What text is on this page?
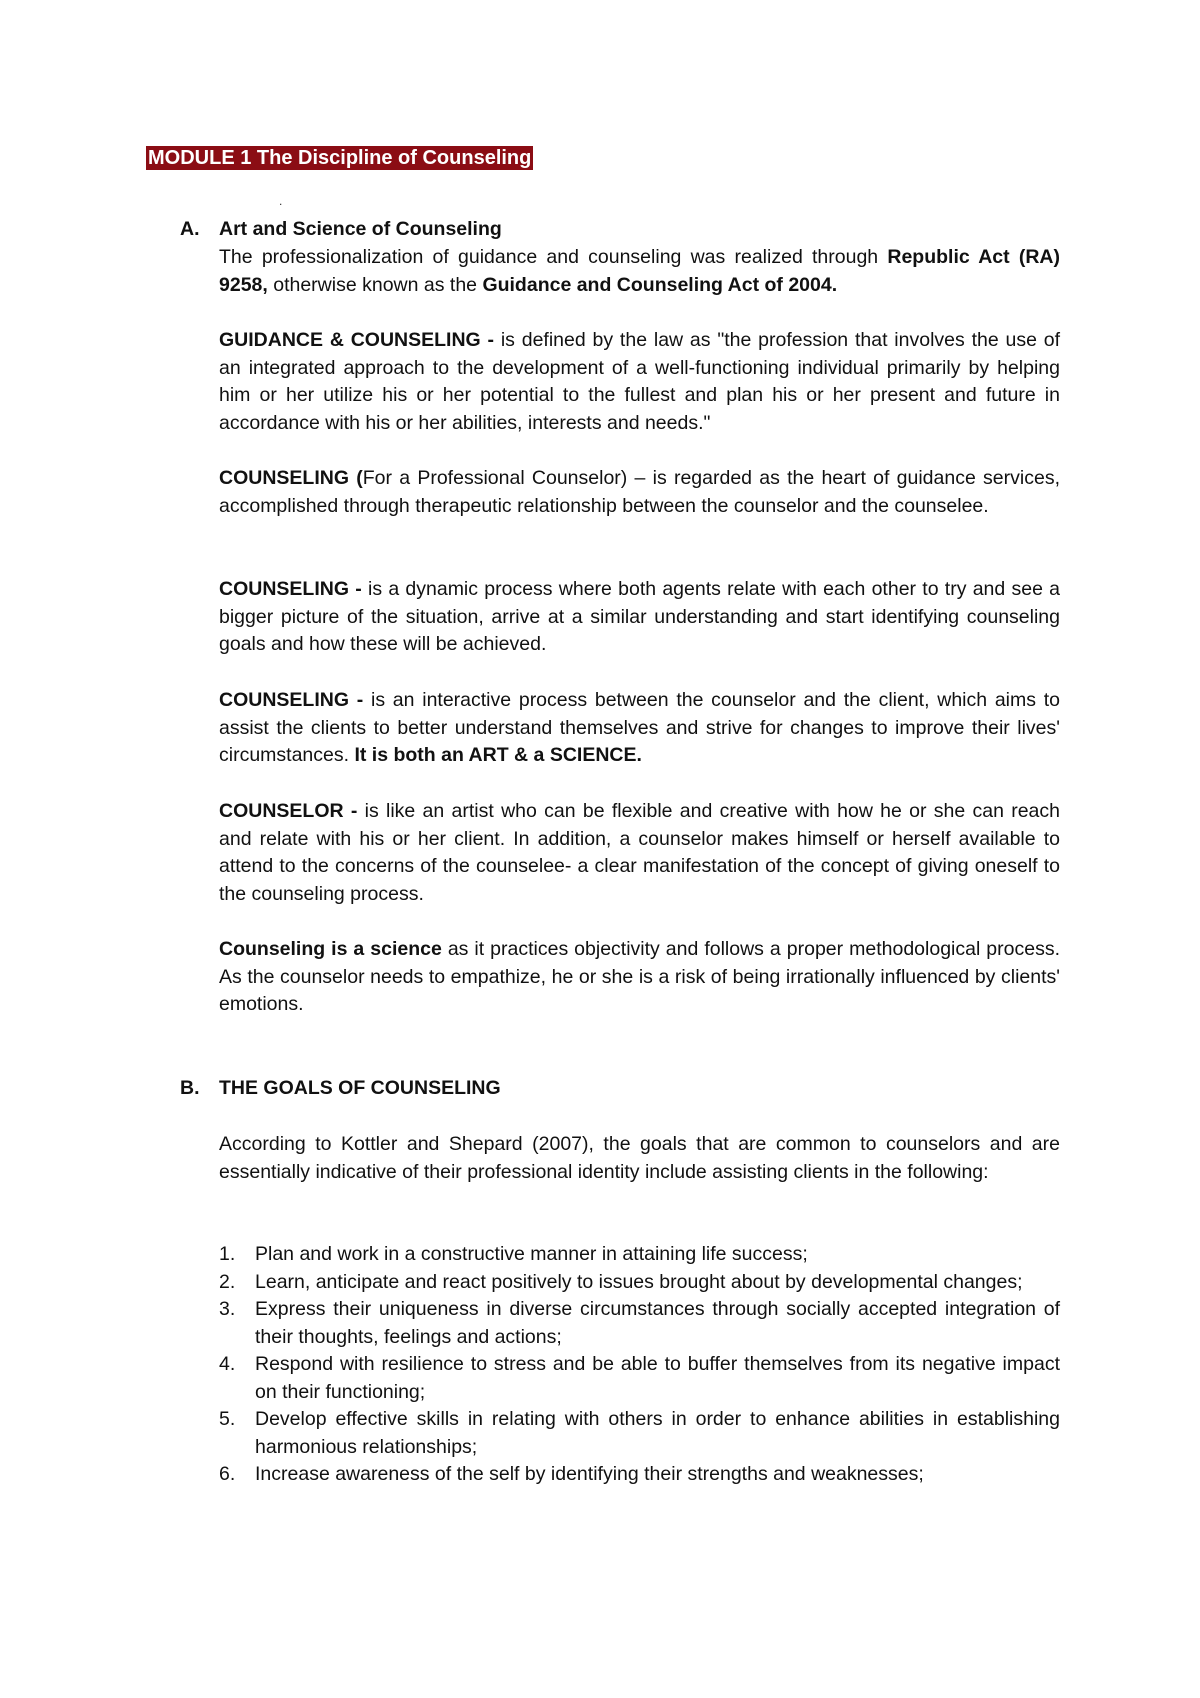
MODULE 1 The Discipline of Counseling
.
A. Art and Science of Counseling

The professionalization of guidance and counseling was realized through Republic Act (RA) 9258, otherwise known as the Guidance and Counseling Act of 2004.

GUIDANCE & COUNSELING - is defined by the law as "the profession that involves the use of an integrated approach to the development of a well-functioning individual primarily by helping him or her utilize his or her potential to the fullest and plan his or her present and future in accordance with his or her abilities, interests and needs."

COUNSELING (For a Professional Counselor) – is regarded as the heart of guidance services, accomplished through therapeutic relationship between the counselor and the counselee.

COUNSELING - is a dynamic process where both agents relate with each other to try and see a bigger picture of the situation, arrive at a similar understanding and start identifying counseling goals and how these will be achieved.

COUNSELING - is an interactive process between the counselor and the client, which aims to assist the clients to better understand themselves and strive for changes to improve their lives' circumstances. It is both an ART & a SCIENCE.

COUNSELOR - is like an artist who can be flexible and creative with how he or she can reach and relate with his or her client. In addition, a counselor makes himself or herself available to attend to the concerns of the counselee- a clear manifestation of the concept of giving oneself to the counseling process.

Counseling is a science as it practices objectivity and follows a proper methodological process. As the counselor needs to empathize, he or she is a risk of being irrationally influenced by clients' emotions.

B. THE GOALS OF COUNSELING

According to Kottler and Shepard (2007), the goals that are common to counselors and are essentially indicative of their professional identity include assisting clients in the following:

1. Plan and work in a constructive manner in attaining life success;
2. Learn, anticipate and react positively to issues brought about by developmental changes;
3. Express their uniqueness in diverse circumstances through socially accepted integration of their thoughts, feelings and actions;
4. Respond with resilience to stress and be able to buffer themselves from its negative impact on their functioning;
5. Develop effective skills in relating with others in order to enhance abilities in establishing harmonious relationships;
6. Increase awareness of the self by identifying their strengths and weaknesses;
